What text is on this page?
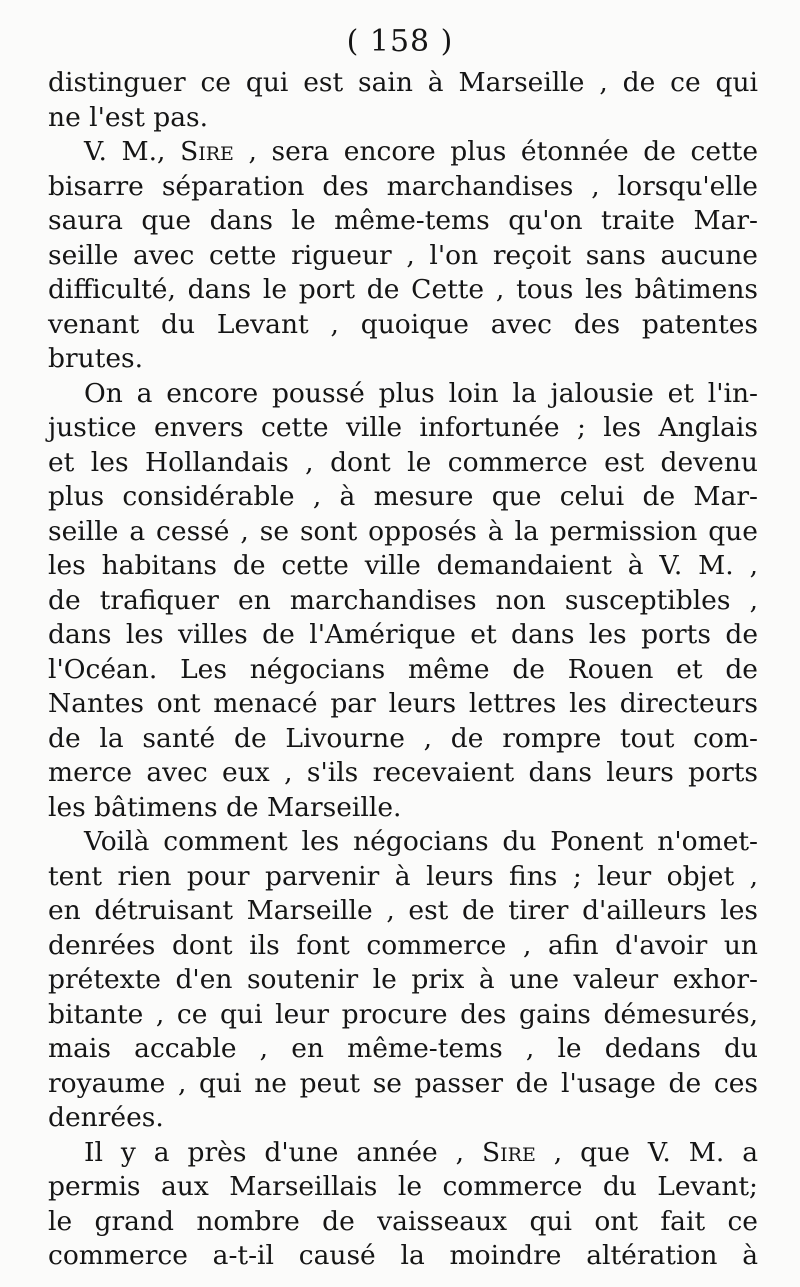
( 158 )
distinguer ce qui est sain à Marseille , de ce qui
ne l'est pas.
V. M., Sire , sera encore plus étonnée de cette
bisarre séparation des marchandises , lorsqu'elle
saura que dans le même-tems qu'on traite Mar-
seille avec cette rigueur , l'on reçoit sans aucune
difficulté, dans le port de Cette , tous les bâtimens
venant du Levant , quoique avec des patentes
brutes.
On a encore poussé plus loin la jalousie et l'in-
justice envers cette ville infortunée ; les Anglais
et les Hollandais , dont le commerce est devenu
plus considérable , à mesure que celui de Mar-
seille a cessé , se sont opposés à la permission que
les habitans de cette ville demandaient à V. M. ,
de trafiquer en marchandises non susceptibles ,
dans les villes de l'Amérique et dans les ports de
l'Océan. Les négocians même de Rouen et de
Nantes ont menacé par leurs lettres les directeurs
de la santé de Livourne , de rompre tout com-
merce avec eux , s'ils recevaient dans leurs ports
les bâtimens de Marseille.
Voilà comment les négocians du Ponent n'omet-
tent rien pour parvenir à leurs fins ; leur objet ,
en détruisant Marseille , est de tirer d'ailleurs les
denrées dont ils font commerce , afin d'avoir un
prétexte d'en soutenir le prix à une valeur exhor-
bitante , ce qui leur procure des gains démesurés,
mais accable , en même-tems , le dedans du
royaume , qui ne peut se passer de l'usage de ces
denrées.
Il y a près d'une année , Sire , que V. M. a
permis aux Marseillais le commerce du Levant;
le grand nombre de vaisseaux qui ont fait ce
commerce a-t-il causé la moindre altération à
